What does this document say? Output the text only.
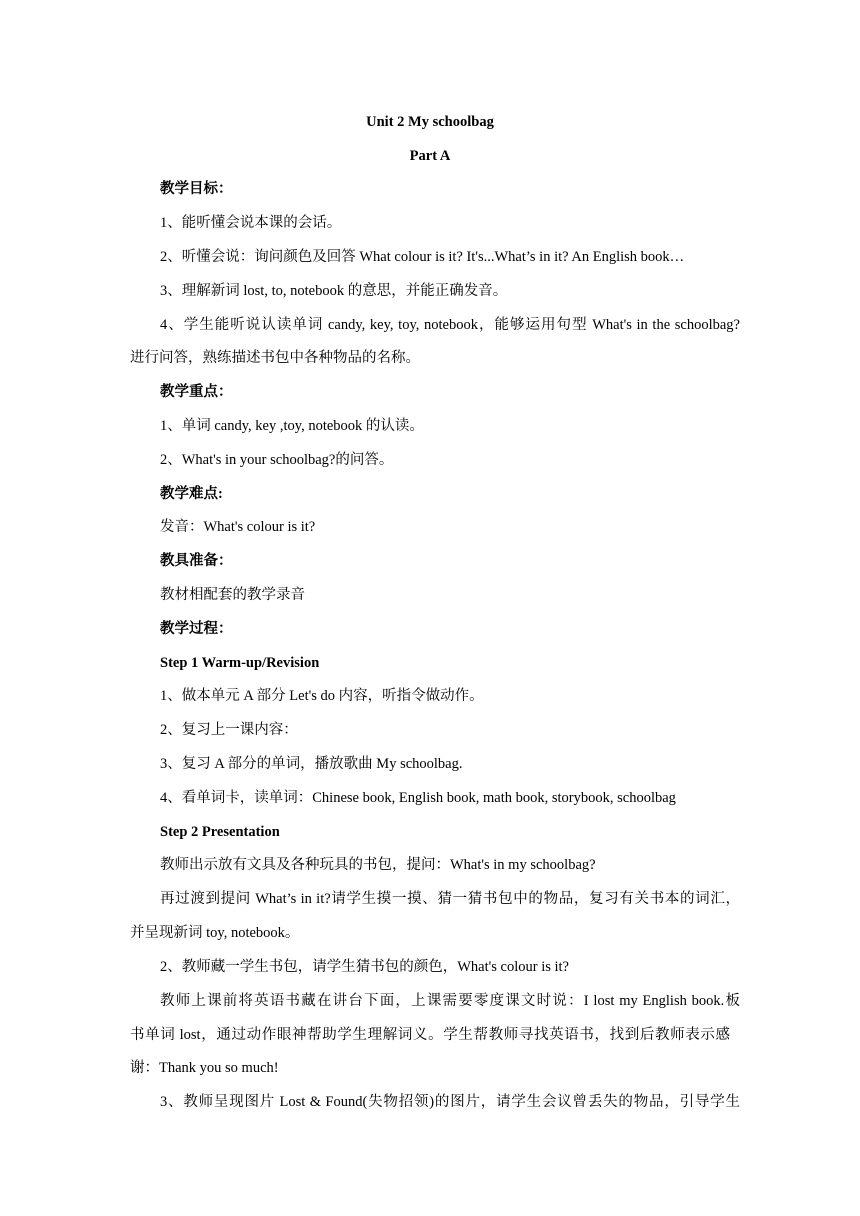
Unit 2 My schoolbag
Part A
教学目标：
1、能听懂会说本课的会话。
2、听懂会说：询问颜色及回答 What colour is it? It's...What’s in it? An English book…
3、理解新词 lost, to, notebook 的意思，并能正确发音。
4、学生能听说认读单词 candy, key, toy, notebook，能够运用句型 What's in the schoolbag?
进行问答，熟练描述书包中各种物品的名称。
教学重点：
1、单词 candy, key ,toy, notebook 的认读。
2、What's in your schoolbag?的问答。
教学难点:
发音：What's colour is it?
教具准备：
教材相配套的教学录音
教学过程：
Step 1 Warm-up/Revision
1、做本单元 A 部分 Let's do 内容，听指令做动作。
2、复习上一课内容：
3、复习 A 部分的单词，播放歌曲 My schoolbag.
4、看单词卡，读单词：Chinese book, English book, math book, storybook, schoolbag
Step 2 Presentation
教师出示放有文具及各种玩具的书包，提问：What's in my schoolbag?
再过渡到提问 What’s in it?请学生摸一摸、猜一猜书包中的物品，复习有关书本的词汇，
并呈现新词 toy, notebook。
2、教师藏一学生书包，请学生猜书包的颜色，What's colour is it?
教师上课前将英语书藏在讲台下面，上课需要零度课文时说：I lost my English book.板
书单词 lost，通过动作眼神帮助学生理解词义。学生帮教师寻找英语书，找到后教师表示感
谢：Thank you so much!
3、教师呈现图片 Lost & Found(失物招领)的图片，请学生会议曾丢失的物品，引导学生
